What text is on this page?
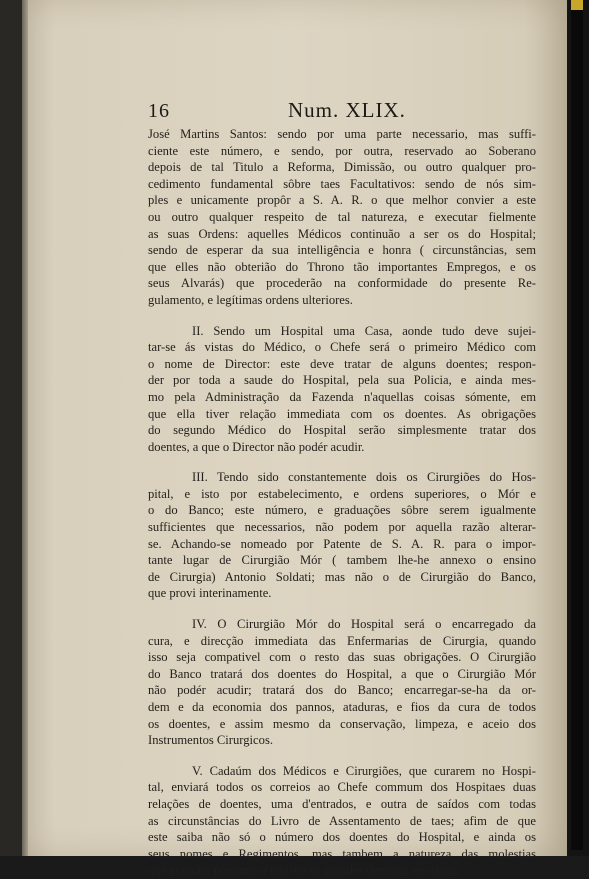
16	Num. XLIX.

José Martins Santos: sendo por uma parte necessario, mas suffi-

ciente este número, e sendo, por outra, reservado ao Soberano

depois de tal Titulo a Reforma, Dimissão, ou outro qualquer pro-

cedimento fundamental sôbre taes Facultativos: sendo de nós sim-

ples e unicamente propôr a S. A. R. o que melhor convier a este

ou outro qualquer respeito de tal natureza, e executar fielmente

as suas Ordens: aquelles Médicos continuão a ser os do Hospital;

sendo de esperar da sua intelligência e honra ( circunstâncias, sem

que elles não obterião do Throno tão importantes Empregos, e os

seus Alvarás) que procederão na conformidade do presente Re-

gulamento, e legítimas ordens ulteriores.

II. Sendo um Hospital uma Casa, aonde tudo deve sujei-

tar-se ás vistas do Médico, o Chefe será o primeiro Médico com

o nome de Director: este deve tratar de alguns doentes; respon-

der por toda a saude do Hospital, pela sua Policia, e ainda mes-

mo pela Administração da Fazenda n'aquellas coisas sómente, em

que ella tiver relação immediata com os doentes. As obrigações

do segundo Médico do Hospital serão simplesmente tratar dos

doentes, a que o Director não podér acudir.

III. Tendo sido constantemente dois os Cirurgiões do Hos-

pital, e isto por estabelecimento, e ordens superiores, o Mór e

o do Banco; este número, e graduações sôbre serem igualmente

sufficientes que necessarios, não podem por aquella razão alterar-

se. Achando-se nomeado por Patente de S. A. R. para o impor-

tante lugar de Cirurgião Mór ( tambem lhe-he annexo o ensino

de Cirurgia) Antonio Soldati; mas não o de Cirurgião do Banco,

que provi interinamente.

IV. O Cirurgião Mór do Hospital será o encarregado da

cura, e direcção immediata das Enfermarias de Cirurgia, quando

isso seja compativel com o resto das suas obrigações. O Cirurgião

do Banco tratará dos doentes do Hospital, a que o Cirurgião Mór

não podér acudir; tratará dos do Banco; encarregar-se-ha da or-

dem e da economia dos pannos, ataduras, e fios da cura de todos

os doentes, e assim mesmo da conservação, limpeza, e aceio dos

Instrumentos Cirurgicos.

V. Cadaúm dos Médicos e Cirurgiões, que curarem no Hospi-

tal, enviará todos os correios ao Chefe commum dos Hospitaes duas

relações de doentes, uma d'entrados, e outra de saídos com todas

as circunstâncias do Livro de Assentamento de taes; afim de que

este saiba não só o número dos doentes do Hospital, e ainda os

seus nomes e Regimentos, mas tambem a natureza das molestias

que grassão; pergunte o motivo de grandes demoras em curas,
